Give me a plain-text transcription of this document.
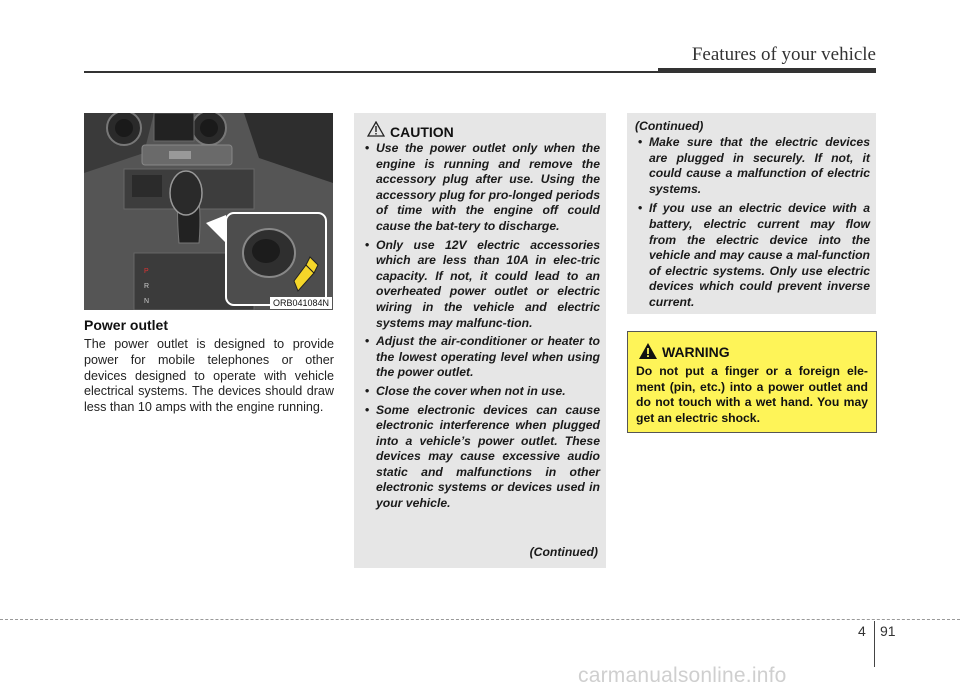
Features of your vehicle
P
R
N	ORB041084N
Power outlet
The power outlet is designed to provide power for mobile telephones or other devices designed to operate with vehicle electrical systems. The devices should draw less than 10 amps with the engine running.
CAUTION
• Use the power outlet only when the engine is running and remove the accessory plug after use. Using the accessory plug for pro-longed periods of time with the engine off could cause the bat-tery to discharge.
• Only use 12V electric accessories which are less than 10A in elec-tric capacity. If not, it could lead to an overheated power outlet or electric wiring in the vehicle and electric systems may malfunc-tion.
• Adjust the air-conditioner or heater to the lowest operating level when using the power outlet.
• Close the cover when not in use.
• Some electronic devices can cause electronic interference when plugged into a vehicle’s power outlet. These devices may cause excessive audio static and malfunctions in other electronic systems or devices used in your vehicle.
(Continued)
(Continued)
• Make sure that the electric devices are plugged in securely. If not, it could cause a malfunction of electric systems.
• If you use an electric device with a battery, electric current may flow from the electric device into the vehicle and may cause a mal-function of electric systems. Only use electric devices which could prevent inverse current.
WARNING
Do not put a finger or a foreign ele-ment (pin, etc.) into a power outlet and do not touch with a wet hand. You may get an electric shock.
4 91
carmanualsonline.info
